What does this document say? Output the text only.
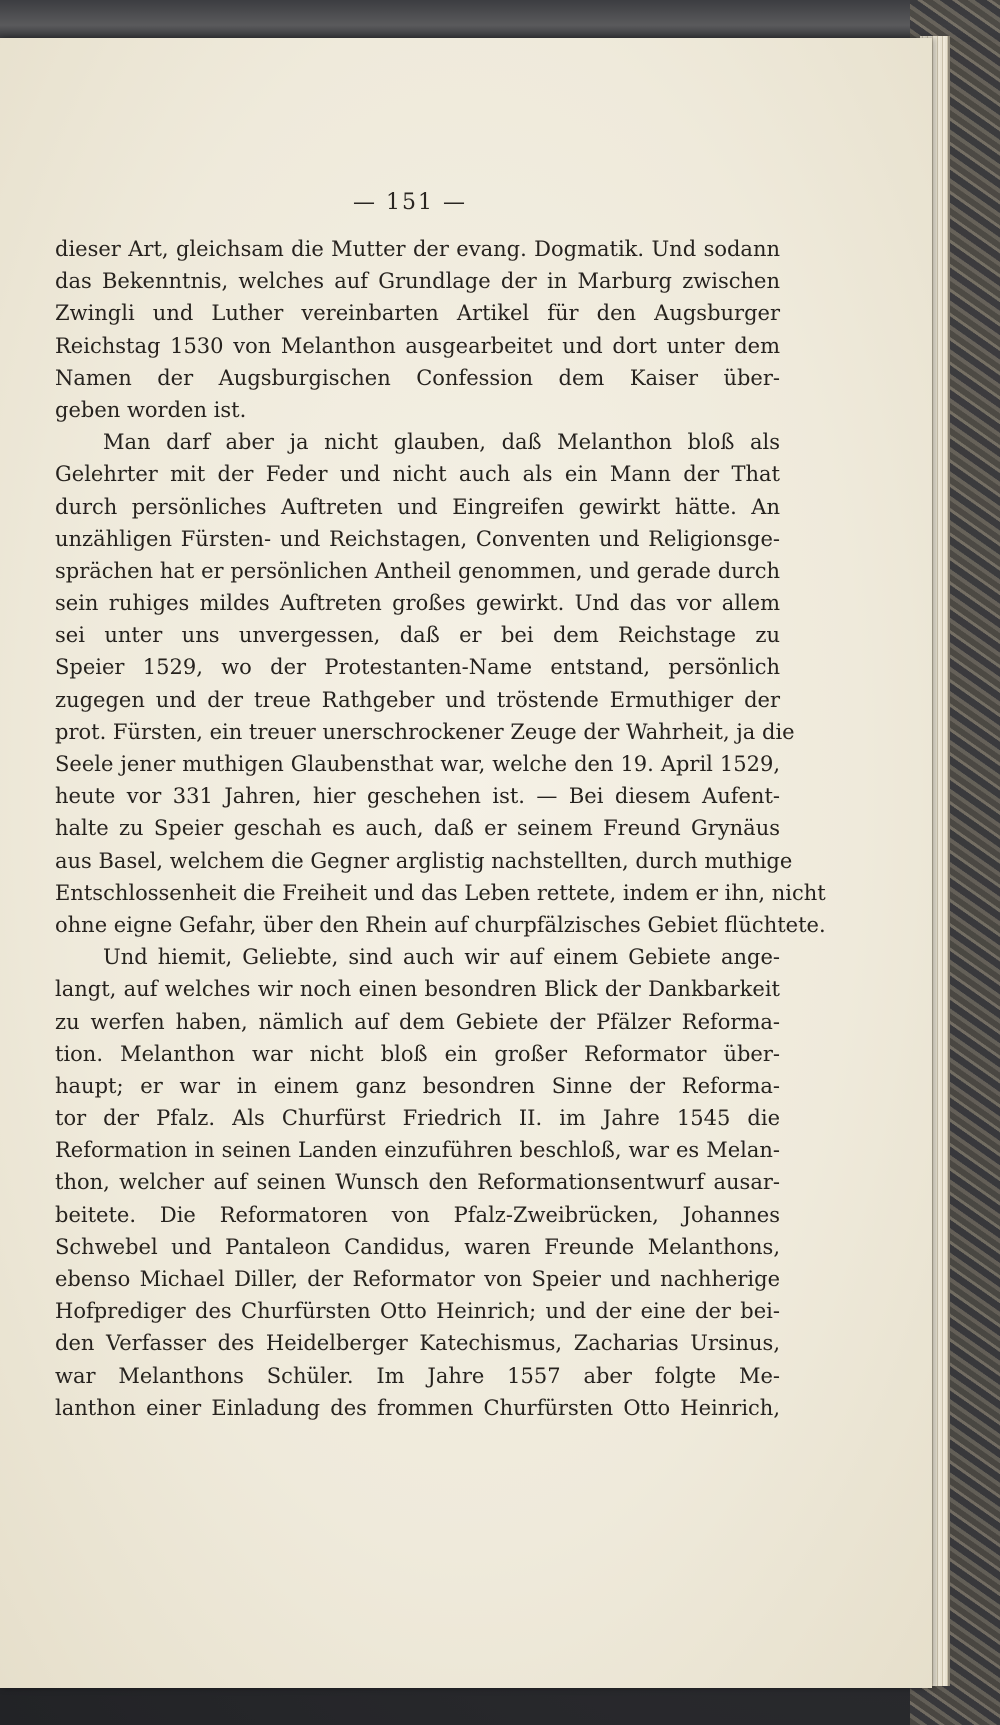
— 151 —
dieser Art, gleichsam die Mutter der evang. Dogmatik. Und sodann
das Bekenntnis, welches auf Grundlage der in Marburg zwischen
Zwingli und Luther vereinbarten Artikel für den Augsburger
Reichstag 1530 von Melanthon ausgearbeitet und dort unter dem
Namen der Augsburgischen Confession dem Kaiser über-
geben worden ist.
Man darf aber ja nicht glauben, daß Melanthon bloß als
Gelehrter mit der Feder und nicht auch als ein Mann der That
durch persönliches Auftreten und Eingreifen gewirkt hätte. An
unzähligen Fürsten- und Reichstagen, Conventen und Religionsge-
sprächen hat er persönlichen Antheil genommen, und gerade durch
sein ruhiges mildes Auftreten großes gewirkt. Und das vor allem
sei unter uns unvergessen, daß er bei dem Reichstage zu
Speier 1529, wo der Protestanten-Name entstand, persönlich
zugegen und der treue Rathgeber und tröstende Ermuthiger der
prot. Fürsten, ein treuer unerschrockener Zeuge der Wahrheit, ja die
Seele jener muthigen Glaubensthat war, welche den 19. April 1529,
heute vor 331 Jahren, hier geschehen ist. — Bei diesem Aufent-
halte zu Speier geschah es auch, daß er seinem Freund Grynäus
aus Basel, welchem die Gegner arglistig nachstellten, durch muthige
Entschlossenheit die Freiheit und das Leben rettete, indem er ihn, nicht
ohne eigne Gefahr, über den Rhein auf churpfälzisches Gebiet flüchtete.
Und hiemit, Geliebte, sind auch wir auf einem Gebiete ange-
langt, auf welches wir noch einen besondren Blick der Dankbarkeit
zu werfen haben, nämlich auf dem Gebiete der Pfälzer Reforma-
tion. Melanthon war nicht bloß ein großer Reformator über-
haupt; er war in einem ganz besondren Sinne der Reforma-
tor der Pfalz. Als Churfürst Friedrich II. im Jahre 1545 die
Reformation in seinen Landen einzuführen beschloß, war es Melan-
thon, welcher auf seinen Wunsch den Reformationsentwurf ausar-
beitete. Die Reformatoren von Pfalz-Zweibrücken, Johannes
Schwebel und Pantaleon Candidus, waren Freunde Melanthons,
ebenso Michael Diller, der Reformator von Speier und nachherige
Hofprediger des Churfürsten Otto Heinrich; und der eine der bei-
den Verfasser des Heidelberger Katechismus, Zacharias Ursinus,
war Melanthons Schüler. Im Jahre 1557 aber folgte Me-
lanthon einer Einladung des frommen Churfürsten Otto Heinrich,
